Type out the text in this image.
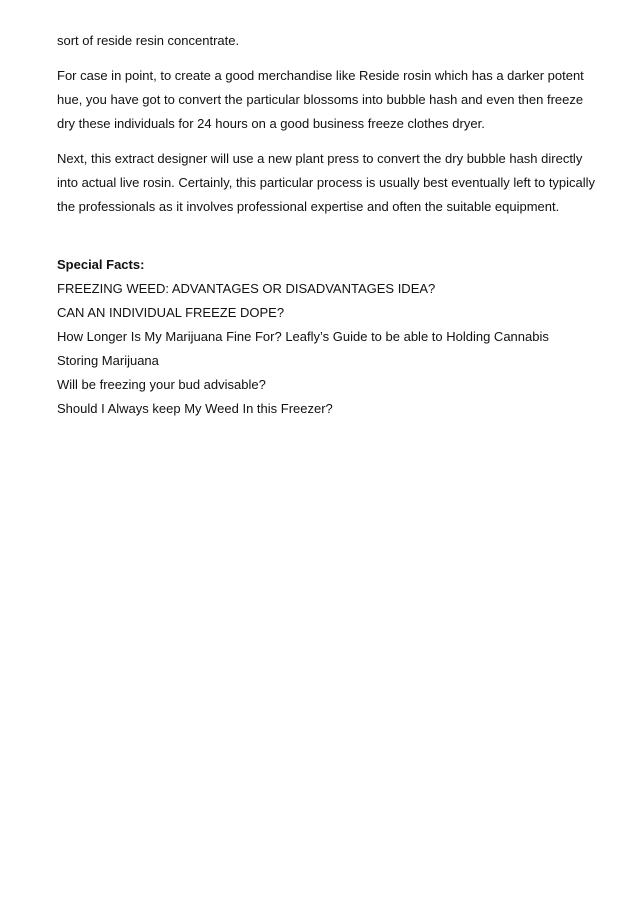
sort of reside resin concentrate.

For case in point, to create a good merchandise like Reside rosin which has a darker potent hue, you have got to convert the particular blossoms into bubble hash and even then freeze dry these individuals for 24 hours on a good business freeze clothes dryer.

Next, this extract designer will use a new plant press to convert the dry bubble hash directly into actual live rosin. Certainly, this particular process is usually best eventually left to typically the professionals as it involves professional expertise and often the suitable equipment.

Special Facts:
FREEZING WEED: ADVANTAGES OR DISADVANTAGES IDEA?
CAN AN INDIVIDUAL FREEZE DOPE?
How Longer Is My Marijuana Fine For? Leafly’s Guide to be able to Holding Cannabis
Storing Marijuana
Will be freezing your bud advisable?
Should I Always keep My Weed In this Freezer?
